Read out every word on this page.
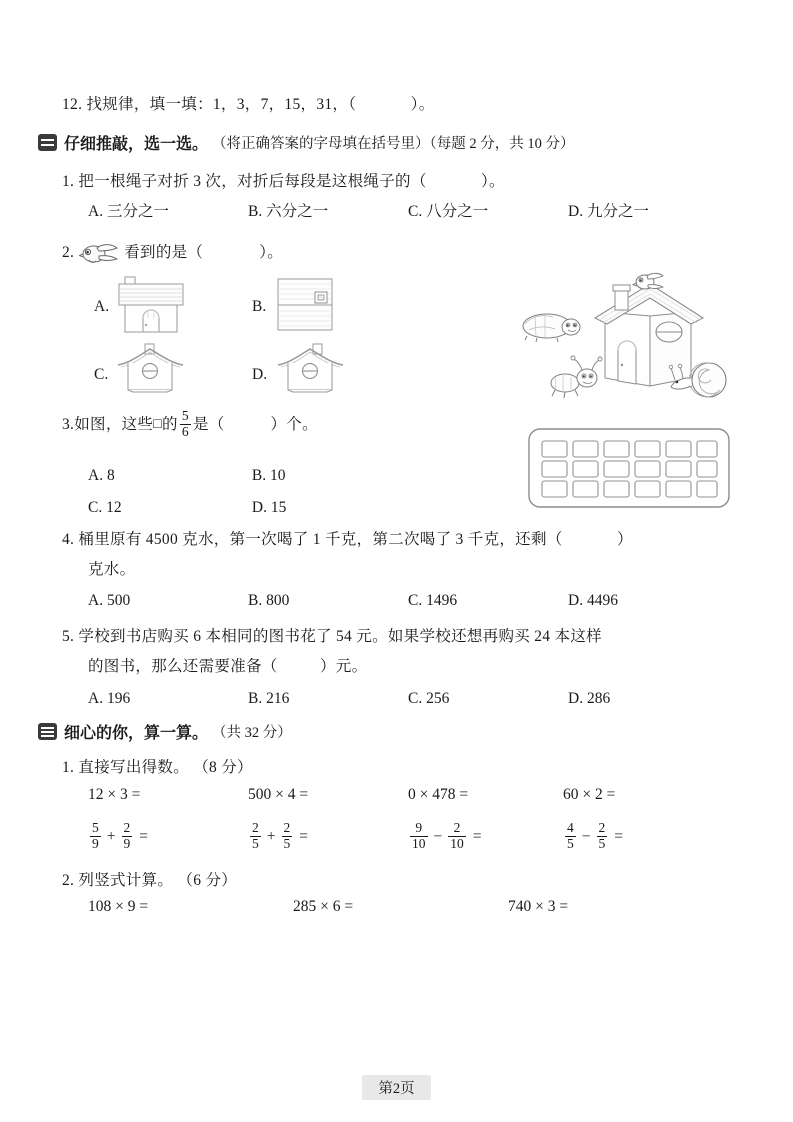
12. 找规律，填一填：1，3，7，15，31，（	）。
仔细推敲，选一选。 （将正确答案的字母填在括号里）（每题 2 分，共 10 分）
1. 把一根绳子对折 3 次，对折后每段是这根绳子的（	）。
A. 三分之一	B. 六分之一	C. 八分之一	D. 九分之一
2.	看到的是（	）。
A.	B.
C.	D.
3. 如图，这些 □ 的 $\frac{5}{6}$ 是（	）个。
A. 8	B. 10
C. 12	D. 15
4. 桶里原有 4500 克水，第一次喝了 1 千克，第二次喝了 3 千克，还剩（	）
克水。
A. 500	B. 800	C. 1496	D. 4496
5. 学校到书店购买 6 本相同的图书花了 54 元。如果学校还想再购买 24 本这样
的图书，那么还需要准备（	）元。
A. 196	B. 216	C. 256	D. 286
细心的你，算一算。 （共 32 分）
1. 直接写出得数。 （8 分）
12 × 3 =	500 × 4 =	0 × 478 =	60 × 2 =
$\frac{5}{9} + \frac{2}{9}$ =	$\frac{2}{5} + \frac{2}{5}$ =	$\frac{9}{10} - \frac{2}{10}$ =	$\frac{4}{5} - \frac{2}{5}$ =
2. 列竖式计算。 （6 分）
108 × 9 =	285 × 6 =	740 × 3 =
第2页
